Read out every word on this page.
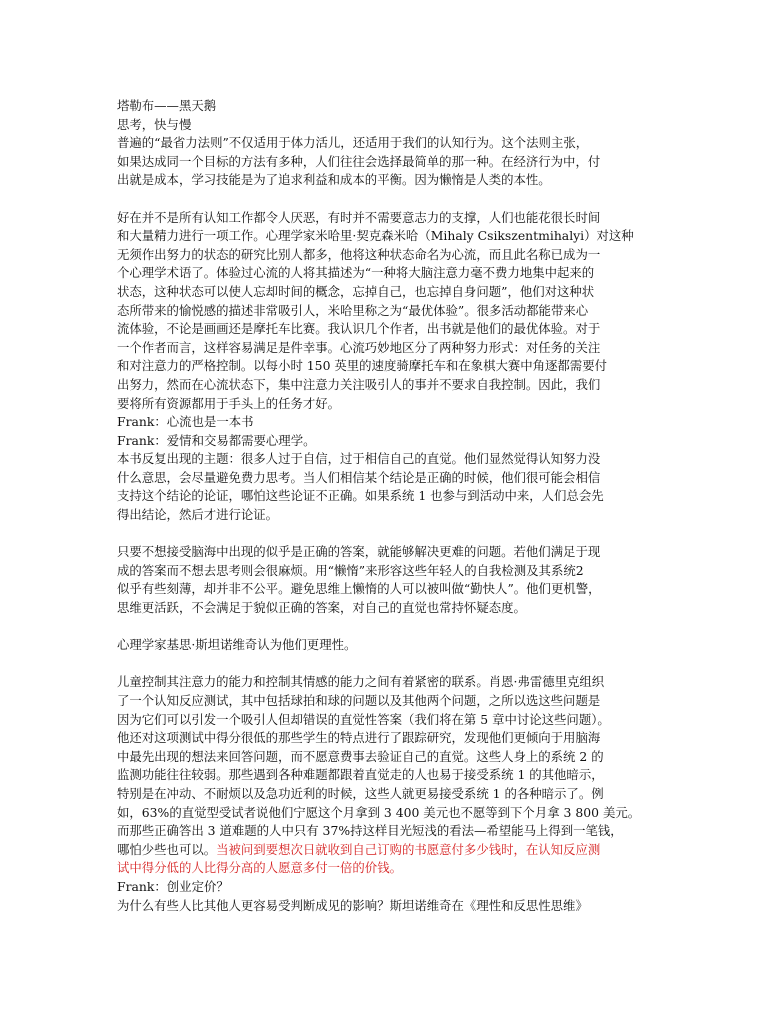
塔勒布——黑天鹅
思考，快与慢
普遍的“最省力法则”不仅适用于体力活儿，还适用于我们的认知行为。这个法则主张，
如果达成同一个目标的方法有多种，人们往往会选择最简单的那一种。在经济行为中，付
出就是成本，学习技能是为了追求利益和成本的平衡。因为懒惰是人类的本性。
好在并不是所有认知工作都令人厌恶，有时并不需要意志力的支撑，人们也能花很长时间
和大量精力进行一项工作。心理学家米哈里·契克森米哈（Mihaly Csikszentmihalyi）对这种
无须作出努力的状态的研究比别人都多，他将这种状态命名为心流，而且此名称已成为一
个心理学术语了。体验过心流的人将其描述为“一种将大脑注意力毫不费力地集中起来的
状态，这种状态可以使人忘却时间的概念，忘掉自己，也忘掉自身问题”，他们对这种状
态所带来的愉悦感的描述非常吸引人，米哈里称之为“最优体验”。很多活动都能带来心
流体验，不论是画画还是摩托车比赛。我认识几个作者，出书就是他们的最优体验。对于
一个作者而言，这样容易满足是件幸事。心流巧妙地区分了两种努力形式：对任务的关注
和对注意力的严格控制。以每小时 150 英里的速度骑摩托车和在象棋大赛中角逐都需要付
出努力，然而在心流状态下，集中注意力关注吸引人的事并不要求自我控制。因此，我们
要将所有资源都用于手头上的任务才好。
Frank：心流也是一本书
Frank：爱情和交易都需要心理学。
本书反复出现的主题：很多人过于自信，过于相信自己的直觉。他们显然觉得认知努力没
什么意思，会尽量避免费力思考。当人们相信某个结论是正确的时候，他们很可能会相信
支持这个结论的论证，哪怕这些论证不正确。如果系统 1 也参与到活动中来，人们总会先
得出结论，然后才进行论证。
只要不想接受脑海中出现的似乎是正确的答案，就能够解决更难的问题。若他们满足于现
成的答案而不想去思考则会很麻烦。用“懒惰”来形容这些年轻人的自我检测及其系统2
似乎有些刻薄，却并非不公平。避免思维上懒惰的人可以被叫做“勤快人”。他们更机警，
思维更活跃，不会满足于貌似正确的答案，对自己的直觉也常持怀疑态度。
心理学家基思·斯坦诺维奇认为他们更理性。
儿童控制其注意力的能力和控制其情感的能力之间有着紧密的联系。肖恩·弗雷德里克组织
了一个认知反应测试，其中包括球拍和球的问题以及其他两个问题，之所以选这些问题是
因为它们可以引发一个吸引人但却错误的直觉性答案（我们将在第 5 章中讨论这些问题）。
他还对这项测试中得分很低的那些学生的特点进行了跟踪研究，发现他们更倾向于用脑海
中最先出现的想法来回答问题，而不愿意费事去验证自己的直觉。这些人身上的系统 2 的
监测功能往往较弱。那些遇到各种难题都跟着直觉走的人也易于接受系统 1 的其他暗示，
特别是在冲动、不耐烦以及急功近利的时候，这些人就更易接受系统 1 的各种暗示了。例
如，63%的直觉型受试者说他们宁愿这个月拿到 3 400 美元也不愿等到下个月拿 3 800 美元。
而那些正确答出 3 道难题的人中只有 37%持这样目光短浅的看法—希望能马上得到一笔钱，
哪怕少些也可以。当被问到要想次日就收到自己订购的书愿意付多少钱时，在认知反应测
试中得分低的人比得分高的人愿意多付一倍的价钱。
Frank：创业定价？
为什么有些人比其他人更容易受判断成见的影响？斯坦诺维奇在《理性和反思性思维》
